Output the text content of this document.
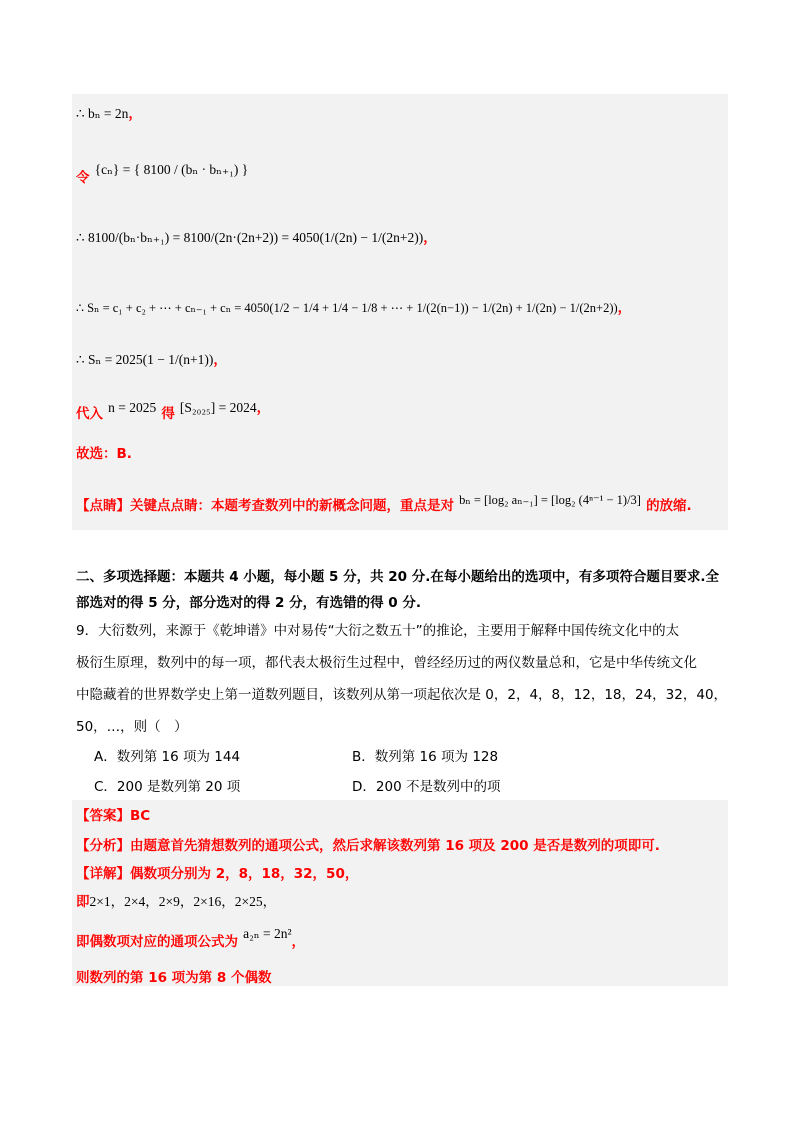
∴ bₙ = 2n，
$_令$ {cₙ} = { 8100 / (bₙ · bₙ₊₁) }
∴ 8100/(bₙ·bₙ₊₁) = 8100/(2n·(2n+2)) = 4050(1/(2n) − 1/(2n+2))，
∴ Sₙ = c₁ + c₂ + ⋯ + cₙ₋₁ + cₙ = 4050(1/2 − 1/4 + 1/4 − 1/8 + ⋯ + 1/(2(n−1)) − 1/(2n) + 1/(2n) − 1/(2n+2))，
∴ Sₙ = 2025(1 − 1/(n+1))，
$_{代入}$ n = 2025 $_得$ [S₂₀₂₅] = 2024，
故选：B.
$_{【点睛】关键点点睛:本题考查数列中的新概念问题,重点是对}$ bₙ = [log₂ aₙ₋₁] = [log₂ (4ⁿ⁻¹ − 1)/3] $_{的放缩.}$
二、多项选择题：本题共 4 小题，每小题 5 分，共 20 分.在每小题给出的选项中，有多项符合题目要求.全
部选对的得 5 分，部分选对的得 2 分，有选错的得 0 分.
9．大衍数列，来源于《乾坤谱》中对易传“大衍之数五十”的推论，主要用于解释中国传统文化中的太
极衍生原理，数列中的每一项，都代表太极衍生过程中，曾经经历过的两仪数量总和，它是中华传统文化
中隐藏着的世界数学史上第一道数列题目，该数列从第一项起依次是 0，2，4，8，12，18，24，32，40，
50，…，则（　）
A．数列第 16 项为 144	B．数列第 16 项为 128
C．200 是数列第 20 项	D．200 不是数列中的项
【答案】BC
【分析】由题意首先猜想数列的通项公式，然后求解该数列第 16 项及 200 是否是数列的项即可.
【详解】偶数项分别为 2，8，18，32，50，
即2×1，2×4，2×9，2×16，2×25，
$_{即偶数项对应的通项公式为}$ $a_{2n} = 2n^2_,$
则数列的第 16 项为第 8 个偶数
